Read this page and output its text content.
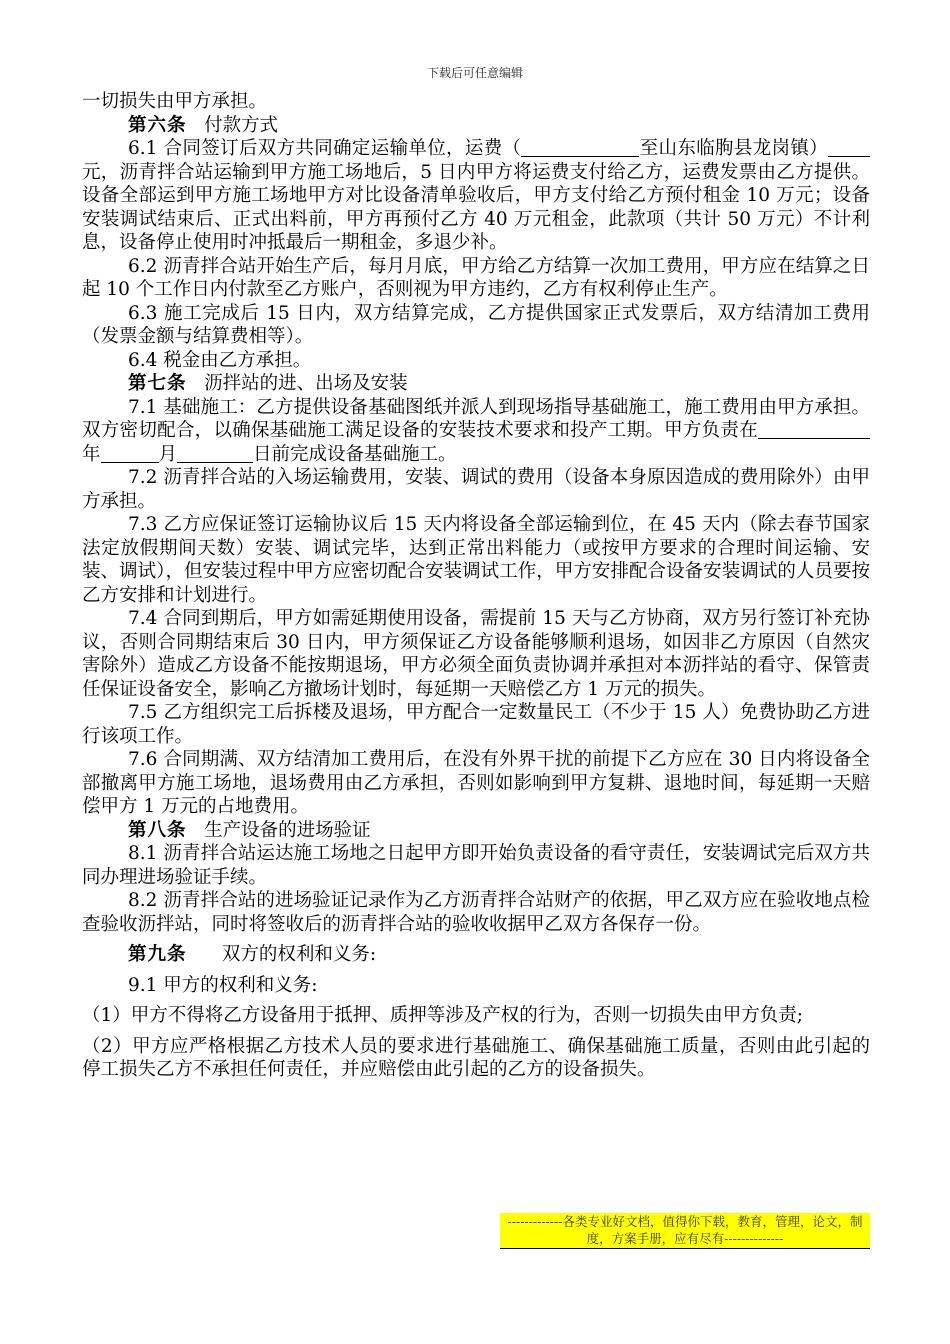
下载后可任意编辑

一切损失由甲方承担。

第六条 付款方式

6.1 合同签订后双方共同确定运输单位，运费（	至山东临朐县龙岗镇）元，沥青拌合站运输到甲方施工场地后，5 日内甲方将运费支付给乙方，运费发票由乙方提供。设备全部运到甲方施工场地甲方对比设备清单验收后，甲方支付给乙方预付租金 10 万元；设备安装调试结束后、正式出料前，甲方再预付乙方 40 万元租金，此款项（共计 50 万元）不计利息，设备停止使用时冲抵最后一期租金，多退少补。

6.2 沥青拌合站开始生产后，每月月底，甲方给乙方结算一次加工费用，甲方应在结算之日起 10 个工作日内付款至乙方账户，否则视为甲方违约，乙方有权利停止生产。

6.3 施工完成后 15 日内，双方结算完成，乙方提供国家正式发票后，双方结清加工费用（发票金额与结算费相等）。

6.4 税金由乙方承担。

第七条 沥拌站的进、出场及安装

7.1 基础施工：乙方提供设备基础图纸并派人到现场指导基础施工，施工费用由甲方承担。双方密切配合，以确保基础施工满足设备的安装技术要求和投产工期。甲方负责在年	月	日前完成设备基础施工。

7.2 沥青拌合站的入场运输费用，安装、调试的费用（设备本身原因造成的费用除外）由甲方承担。

7.3 乙方应保证签订运输协议后 15 天内将设备全部运输到位，在 45 天内（除去春节国家法定放假期间天数）安装、调试完毕，达到正常出料能力（或按甲方要求的合理时间运输、安装、调试），但安装过程中甲方应密切配合安装调试工作，甲方安排配合设备安装调试的人员要按乙方安排和计划进行。

7.4 合同到期后，甲方如需延期使用设备，需提前 15 天与乙方协商，双方另行签订补充协议，否则合同期结束后 30 日内，甲方须保证乙方设备能够顺利退场，如因非乙方原因（自然灾害除外）造成乙方设备不能按期退场，甲方必须全面负责协调并承担对本沥拌站的看守、保管责任保证设备安全，影响乙方撤场计划时，每延期一天赔偿乙方 1 万元的损失。

7.5 乙方组织完工后拆楼及退场，甲方配合一定数量民工（不少于 15 人）免费协助乙方进行该项工作。

7.6 合同期满、双方结清加工费用后，在没有外界干扰的前提下乙方应在 30 日内将设备全部撤离甲方施工场地，退场费用由乙方承担，否则如影响到甲方复耕、退地时间，每延期一天赔偿甲方 1 万元的占地费用。

第八条 生产设备的进场验证

8.1 沥青拌合站运达施工场地之日起甲方即开始负责设备的看守责任，安装调试完后双方共同办理进场验证手续。

8.2 沥青拌合站的进场验证记录作为乙方沥青拌合站财产的依据，甲乙双方应在验收地点检查验收沥拌站，同时将签收后的沥青拌合站的验收收据甲乙双方各保存一份。

第九条 双方的权利和义务:

9.1 甲方的权利和义务:

（1）甲方不得将乙方设备用于抵押、质押等涉及产权的行为，否则一切损失由甲方负责;

（2）甲方应严格根据乙方技术人员的要求进行基础施工、确保基础施工质量，否则由此引起的停工损失乙方不承担任何责任，并应赔偿由此引起的乙方的设备损失。

-------------各类专业好文档，值得你下载，教育，管理，论文，制度，方案手册，应有尽有--------------
